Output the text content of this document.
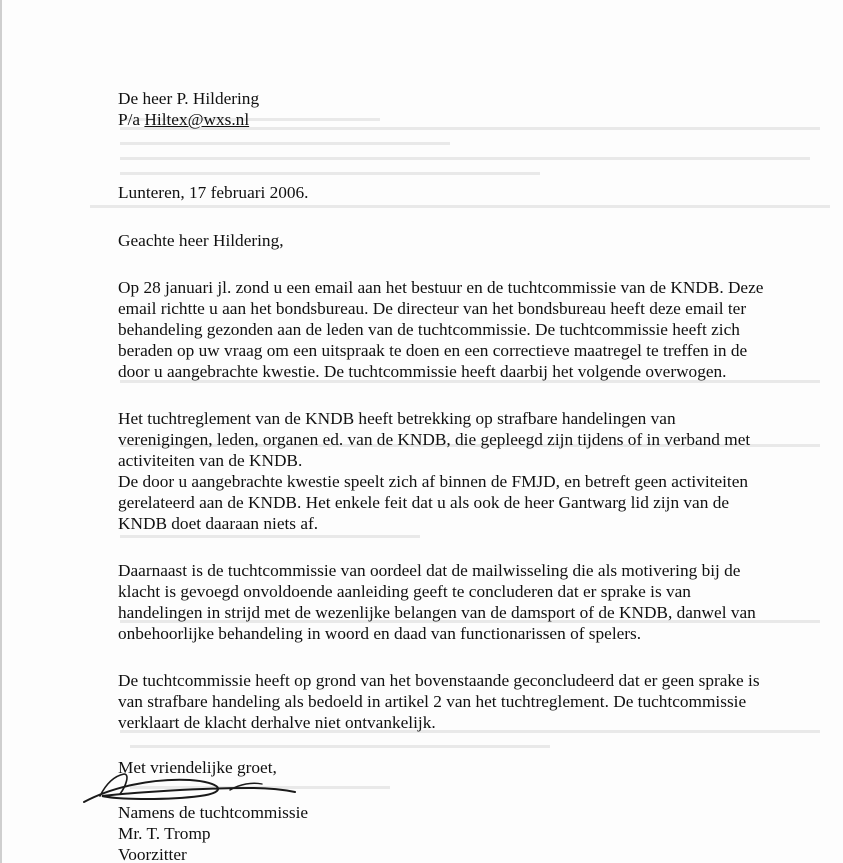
De heer P. Hildering
P/a Hiltex@wxs.nl
Lunteren, 17 februari 2006.
Geachte heer Hildering,
Op 28 januari jl. zond u een email aan het bestuur en de tuchtcommissie van de KNDB. Deze
email richtte u aan het bondsbureau. De directeur van het bondsbureau heeft deze email ter
behandeling gezonden aan de leden van de tuchtcommissie. De tuchtcommissie heeft zich
beraden op uw vraag om een uitspraak te doen en een correctieve maatregel te treffen in de
door u aangebrachte kwestie. De tuchtcommissie heeft daarbij het volgende overwogen.
Het tuchtreglement van de KNDB heeft betrekking op strafbare handelingen van
verenigingen, leden, organen ed. van de KNDB, die gepleegd zijn tijdens of in verband met
activiteiten van de KNDB.
De door u aangebrachte kwestie speelt zich af binnen de FMJD, en betreft geen activiteiten
gerelateerd aan de KNDB. Het enkele feit dat u als ook de heer Gantwarg lid zijn van de
KNDB doet daaraan niets af.
Daarnaast is de tuchtcommissie van oordeel dat de mailwisseling die als motivering bij de
klacht is gevoegd onvoldoende aanleiding geeft te concluderen dat er sprake is van
handelingen in strijd met de wezenlijke belangen van de damsport of de KNDB, danwel van
onbehoorlijke behandeling in woord en daad van functionarissen of spelers.
De tuchtcommissie heeft op grond van het bovenstaande geconcludeerd dat er geen sprake is
van strafbare handeling als bedoeld in artikel 2 van het tuchtreglement. De tuchtcommissie
verklaart de klacht derhalve niet ontvankelijk.
Met vriendelijke groet,
Namens de tuchtcommissie
Mr. T. Tromp
Voorzitter
